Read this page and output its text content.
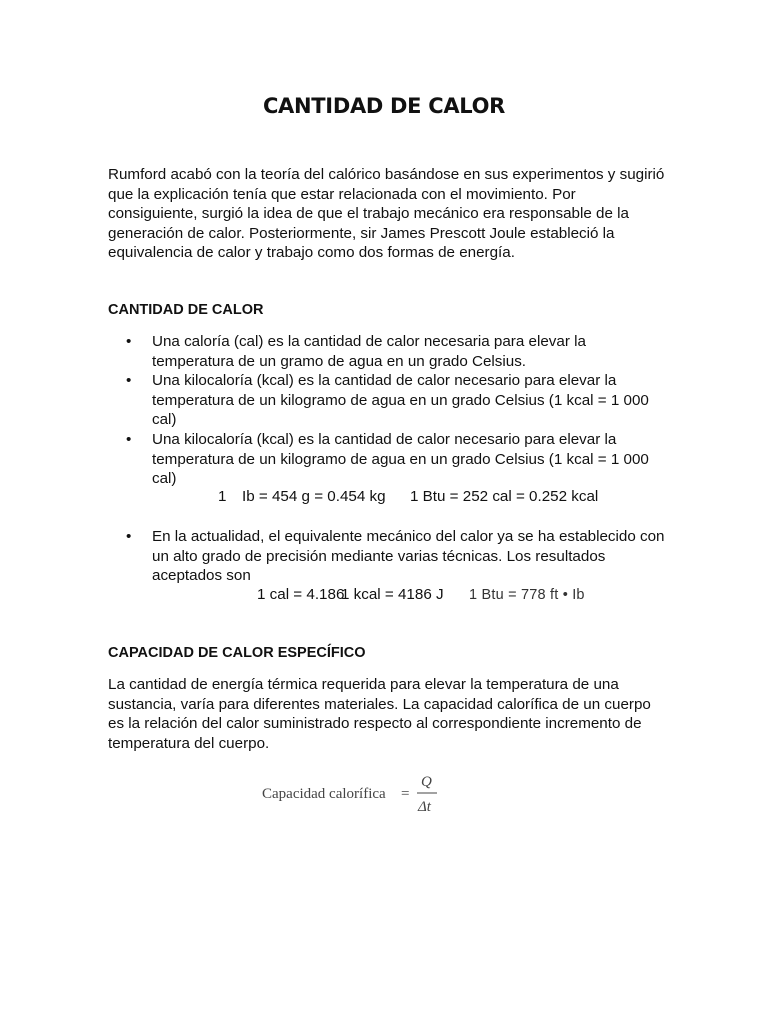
CANTIDAD DE CALOR

Rumford acabó con la teoría del calórico basándose en sus experimentos y sugirió que la explicación tenía que estar relacionada con el movimiento. Por consiguiente, surgió la idea de que el trabajo mecánico era responsable de la generación de calor. Posteriormente, sir James Prescott Joule estableció la equivalencia de calor y trabajo como dos formas de energía.

CANTIDAD DE CALOR
•	Una caloría (cal) es la cantidad de calor necesaria para elevar la temperatura de un gramo de agua en un grado Celsius.
•	Una kilocaloría (kcal) es la cantidad de calor necesario para elevar la temperatura de un kilogramo de agua en un grado Celsius (1 kcal = 1 000 cal)
•	Una kilocaloría (kcal) es la cantidad de calor necesario para elevar la temperatura de un kilogramo de agua en un grado Celsius (1 kcal = 1 000 cal)

1 Ib = 454 g = 0.454 kg 1 Btu = 252 cal = 0.252 kcal

•	En la actualidad, el equivalente mecánico del calor ya se ha establecido con un alto grado de precisión mediante varias técnicas. Los resultados aceptados son

1 cal = 4.186

1 kcal = 4186 J 1 Btu = 778 ft • Ib

CAPACIDAD DE CALOR ESPECÍFICO

La cantidad de energía térmica requerida para elevar la temperatura de una sustancia, varía para diferentes materiales. La capacidad calorífica de un cuerpo es la relación del calor suministrado respecto al correspondiente incremento de temperatura del cuerpo.

Capacidad calorífica =
Q
Δt
